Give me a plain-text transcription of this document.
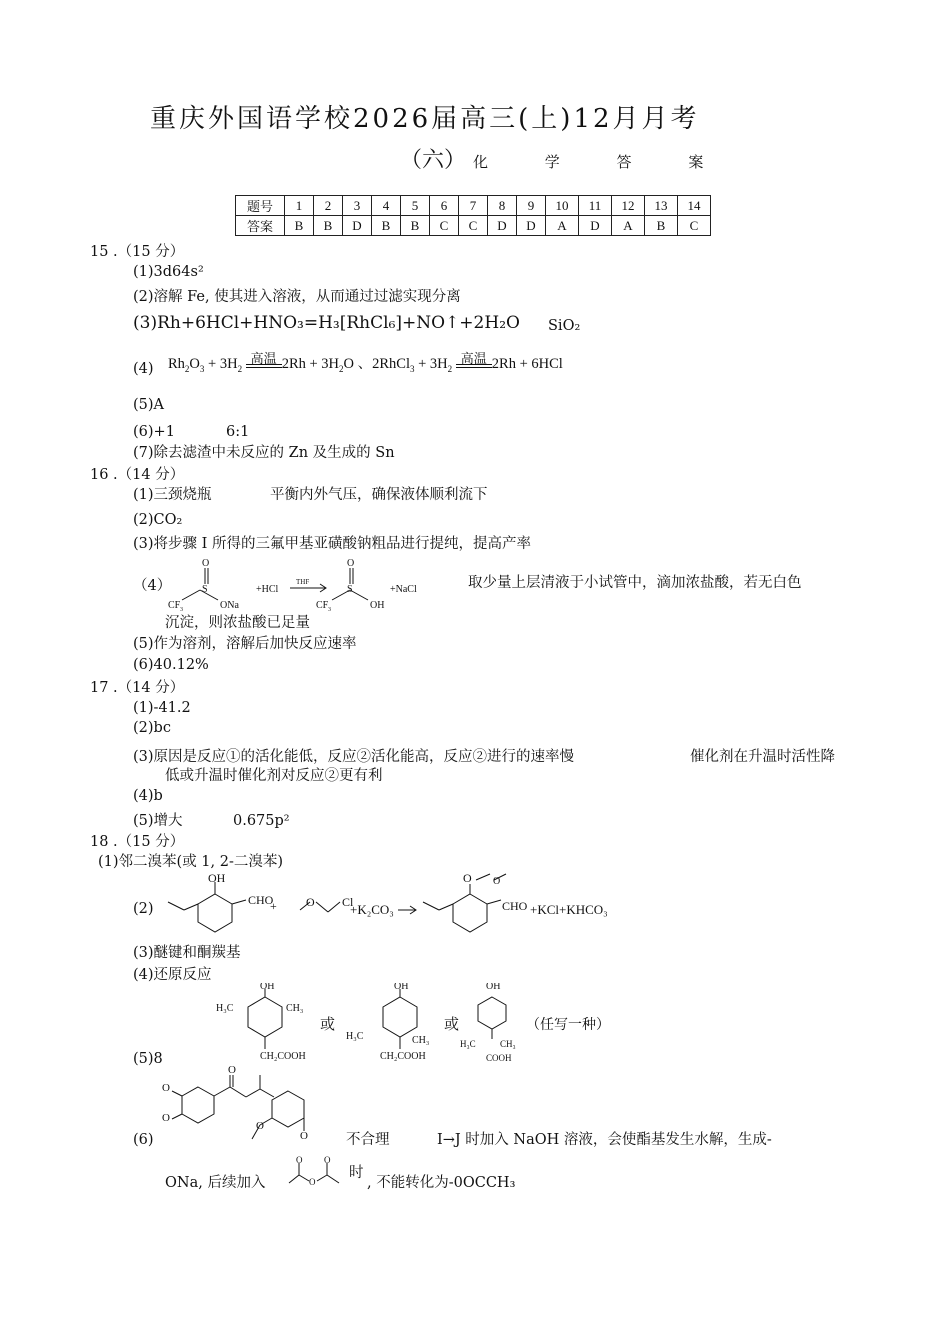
重庆外国语学校2026届高三(上)12月月考
（六） 化 学 答 案
题号	1	2	3	4	5	6	7	8	9	10	11	12	13	14
答案	B	B	D	B	B	C	C	D	D	A	D	A	B	C
15 .（15 分）
(1)3d64s²
(2)溶解 Fe, 使其进入溶液，从而通过过滤实现分离
(3)Rh+6HCl+HNO₃=H₃[RhCl₆]+NO↑+2H₂O SiO₂
(4) $Rh_2O_3 + 3H_2$
高温 $2Rh + 3H_2O$ 、2RhCl$_3$ + $3H_2$
高温 2Rh + 6HCl
(5)A
(6)+1	6:1
(7)除去滤渣中未反应的 Zn 及生成的 Sn
16 .（14 分）
(1)三颈烧瓶	平衡内外气压，确保液体顺利流下
(2)CO₂
(3)将步骤 I 所得的三氟甲基亚磺酸钠粗品进行提纯，提高产率
（4）
O
S
CF 3	ONa
+HCl
THF
O
S
CF 3	OH
+NaCl	取少量上层清液于小试管中，滴加浓盐酸，若无白色
沉淀，则浓盐酸已足量
(5)作为溶剂，溶解后加快反应速率
(6)40.12%
17 .（14 分）
(1)-41.2
(2)bc
(3)原因是反应①的活化能低，反应②活化能高，反应②进行的速率慢	催化剂在升温时活性降
低或升温时催化剂对反应②更有利
(4)b
(5)增大	0.675p²
18 .（15 分）
(1)邻二溴苯(或 1, 2-二溴苯)
(2)
OH
CHO
+ O Cl
+K₂CO₃
O O
CHO +KCl+KHCO₃
(3)醚键和酮羰基
(4)还原反应
OH
H₃C	CH₃
CH₂COOH
或
OH
H₃C	CH₃
CH₂COOH
或
OH
H₃C	CH₃
COOH
（任写一种）
(5)8
O
O
O
O
O
(6)	不合理	I→J 时加入 NaOH 溶液，会使酯基发生水解，生成-
ONa, 后续加入
O
O
O
时
, 不能转化为-0OCCH₃
